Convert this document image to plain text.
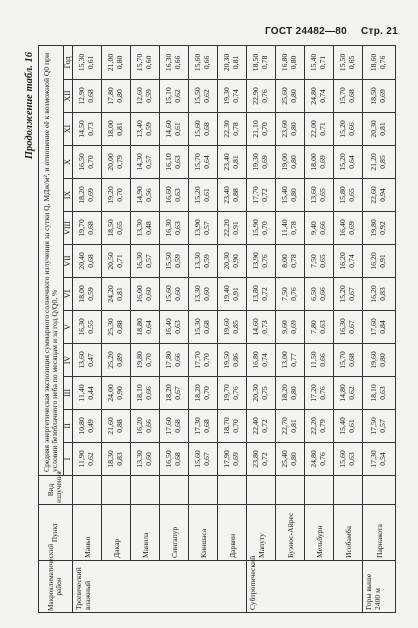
ГОСТ 24482—80 Стр. 21
Продолжение табл. 16
Макроклиматический район	Пункт	Вид излучения	Средняя энергетическая экспозиция суммарного солнечного излучения за сутки Q, МДж/м², и отношение её к возможной Q0 при условии безоблачного неба по месяцам и за год Q/Q0, %												
			I	II	III	IV	V	VI	VII	VIII	IX	X	XI	XII	Год
Тропический влажный	Маньо		11,90 0,62	10,80 0,49	11,40 0,44	13,60 0,47	16,30 0,55	18,00 0,59	20,40 0,68	19,70 0,68	18,20 0,69	16,50 0,70	14,50 0,73	12,90 0,68	15,30 0,61

	Дакар		18,30 0,83	21,60 0,88	24,00 0,90	25,20 0,89	25,30 0,88	24,20 0,81	20,50 0,71	18,50 0,65	19,20 0,70	20,00 0,79	18,00 0,81	17,80 0,80	21,00 0,80

	Манила		13,30 0,60	16,20 0,66	18,10 0,66	19,80 0,70	18,80 0,64	16,00 0,60	16,30 0,57	13,30 0,48	14,90 0,56	14,30 0,57	13,40 0,59	12,60 0,59	15,70 0,60

	Сингапур		16,50 0,68	17,60 0,68	18,20 0,67	17,80 0,66	16,40 0,63	15,60 0,60	15,50 0,59	16,30 0,63	16,60 0,63	16,10 0,63	14,60 0,61	15,10 0,62	16,30 0,66

	Киншаса		15,60 0,67	17,30 0,68	18,20 0,70	17,70 0,70	15,30 0,68	13,30 0,60	13,30 0,59	13,90 0,57	15,20 0,61	15,70 0,64	15,60 0,68	15,50 0,62	15,60 0,66

	Дарвин		17,90 0,69	18,70 0,70	19,70 0,76	19,50 0,86	19,60 0,85	19,40 0,91	20,30 0,90	22,20 0,91	23,40 0,88	23,40 0,81	22,30 0,78	19,30 0,74	20,30 0,81

Субтропический	Мапуту		23,80 0,72	22,40 0,72	20,30 0,75	16,80 0,74	14,60 0,73	13,80 0,72	13,90 0,76	15,90 0,70	17,70 0,72	19,30 0,69	21,10 0,70	22,90 0,76	18,50 0,78

	Буэнос-Айрес		25,40 0,80	22,70 0,81	18,20 0,80	13,00 0,77	9,60 0,69	7,50 0,76	8,00 0,78	11,40 0,78	15,40 0,80	19,00 0,80	23,60 0,80	25,60 0,80	16,80 0,80

	Мельбурн		24,80 0,76	22,20 0,79	17,20 0,76	11,50 0,66	7,80 0,63	6,50 0,66	7,50 0,65	9,40 0,66	13,60 0,65	18,00 0,69	22,00 0,71	24,80 0,74	15,40 0,71

	Исобамба		15,60 0,63	15,40 0,61	14,80 0,62	15,70 0,68	16,30 0,67	15,20 0,67	16,20 0,74	16,40 0,69	15,80 0,65	15,20 0,64	15,20 0,66	15,70 0,68	15,50 0,65

Горы выше 2400 м	Парнакота		17,30 0,54	17,50 0,57	18,10 0,63	19,60 0,80	17,60 0,84	16,20 0,83	16,20 0,91	19,80 0,92	22,60 0,94	21,20 0,85	20,30 0,81	18,50 0,69	18,60 0,76
